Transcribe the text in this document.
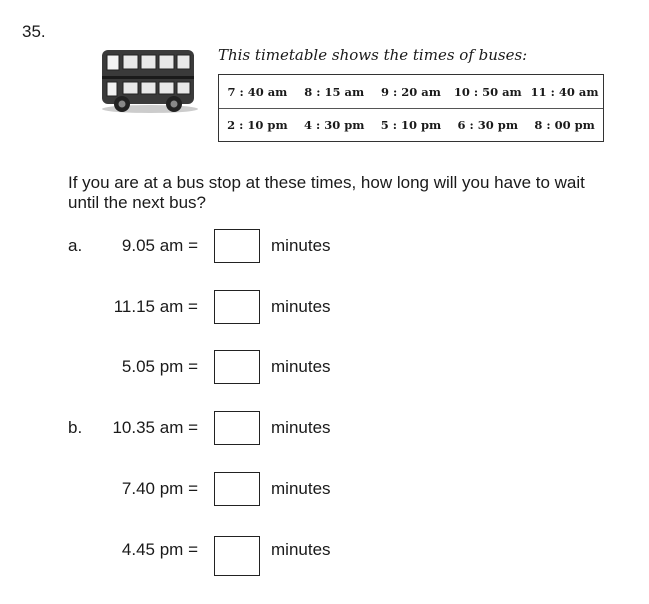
35.
This timetable shows the times of buses:
7 : 40 am	8 : 15 am	9 : 20 am	10 : 50 am 11 : 40 am
2 : 10 pm	4 : 30 pm	5 : 10 pm	6 : 30 pm	8 : 00 pm
If you are at a bus stop at these times, how long will you have to wait until the next bus?
a.	9.05 am =	minutes
11.15 am =	minutes
5.05 pm =	minutes
b.	10.35 am =	minutes
7.40 pm =	minutes
4.45 pm =	minutes
